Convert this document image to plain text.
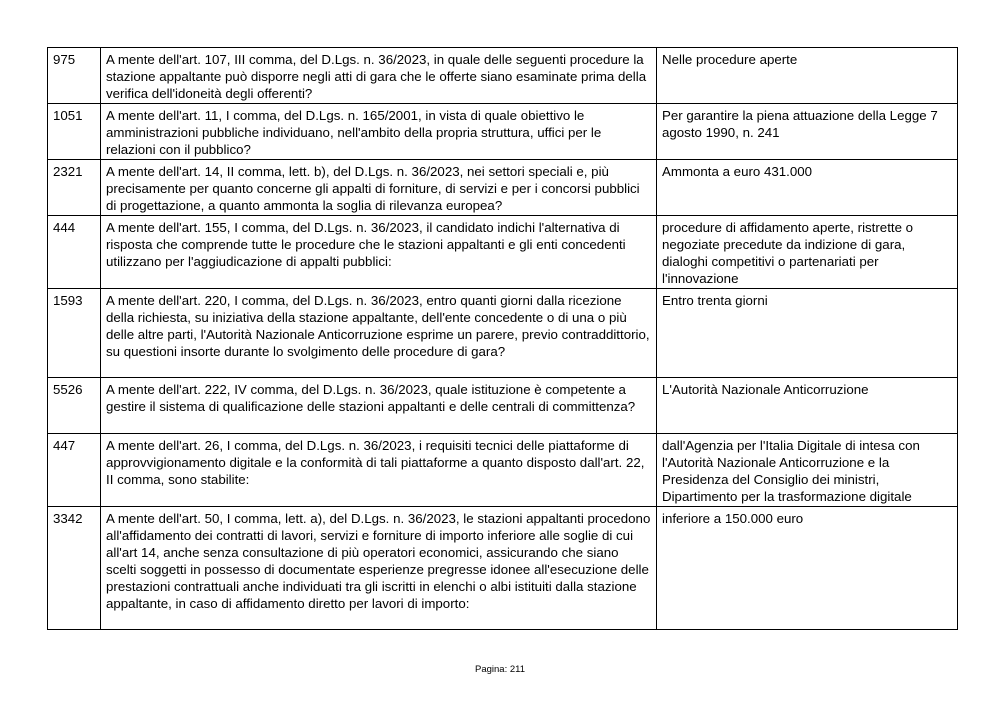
975	A mente dell'art. 107, III comma, del D.Lgs. n. 36/2023, in quale delle seguenti procedure la stazione appaltante può disporre negli atti di gara che le offerte siano esaminate prima della verifica dell'idoneità degli offerenti?	Nelle procedure aperte
1051	A mente dell'art. 11, I comma, del D.Lgs. n. 165/2001, in vista di quale obiettivo le amministrazioni pubbliche individuano, nell'ambito della propria struttura, uffici per le relazioni con il pubblico?	Per garantire la piena attuazione della Legge 7 agosto 1990, n. 241
2321	A mente dell'art. 14, II comma, lett. b), del D.Lgs. n. 36/2023, nei settori speciali e, più precisamente per quanto concerne gli appalti di forniture, di servizi e per i concorsi pubblici di progettazione, a quanto ammonta la soglia di rilevanza europea?	Ammonta a euro 431.000
444	A mente dell'art. 155, I comma, del D.Lgs. n. 36/2023, il candidato indichi l'alternativa di risposta che comprende tutte le procedure che le stazioni appaltanti e gli enti concedenti utilizzano per l'aggiudicazione di appalti pubblici:	procedure di affidamento aperte, ristrette o negoziate precedute da indizione di gara, dialoghi competitivi o partenariati per l'innovazione
1593	A mente dell'art. 220, I comma, del D.Lgs. n. 36/2023, entro quanti giorni dalla ricezione della richiesta, su iniziativa della stazione appaltante, dell'ente concedente o di una o più delle altre parti, l'Autorità Nazionale Anticorruzione esprime un parere, previo contraddittorio, su questioni insorte durante lo svolgimento delle procedure di gara?	Entro trenta giorni
5526	A mente dell'art. 222, IV comma, del D.Lgs. n. 36/2023, quale istituzione è competente a gestire il sistema di qualificazione delle stazioni appaltanti e delle centrali di committenza?	L'Autorità Nazionale Anticorruzione
447	A mente dell'art. 26, I comma, del D.Lgs. n. 36/2023, i requisiti tecnici delle piattaforme di approvvigionamento digitale e la conformità di tali piattaforme a quanto disposto dall'art. 22, II comma, sono stabilite:	dall'Agenzia per l'Italia Digitale di intesa con l'Autorità Nazionale Anticorruzione e la Presidenza del Consiglio dei ministri, Dipartimento per la trasformazione digitale
3342	A mente dell'art. 50, I comma, lett. a), del D.Lgs. n. 36/2023, le stazioni appaltanti procedono all'affidamento dei contratti di lavori, servizi e forniture di importo inferiore alle soglie di cui all'art 14, anche senza consultazione di più operatori economici, assicurando che siano scelti soggetti in possesso di documentate esperienze pregresse idonee all'esecuzione delle prestazioni contrattuali anche individuati tra gli iscritti in elenchi o albi istituiti dalla stazione appaltante, in caso di affidamento diretto per lavori di importo:	inferiore a 150.000 euro
Pagina: 211
